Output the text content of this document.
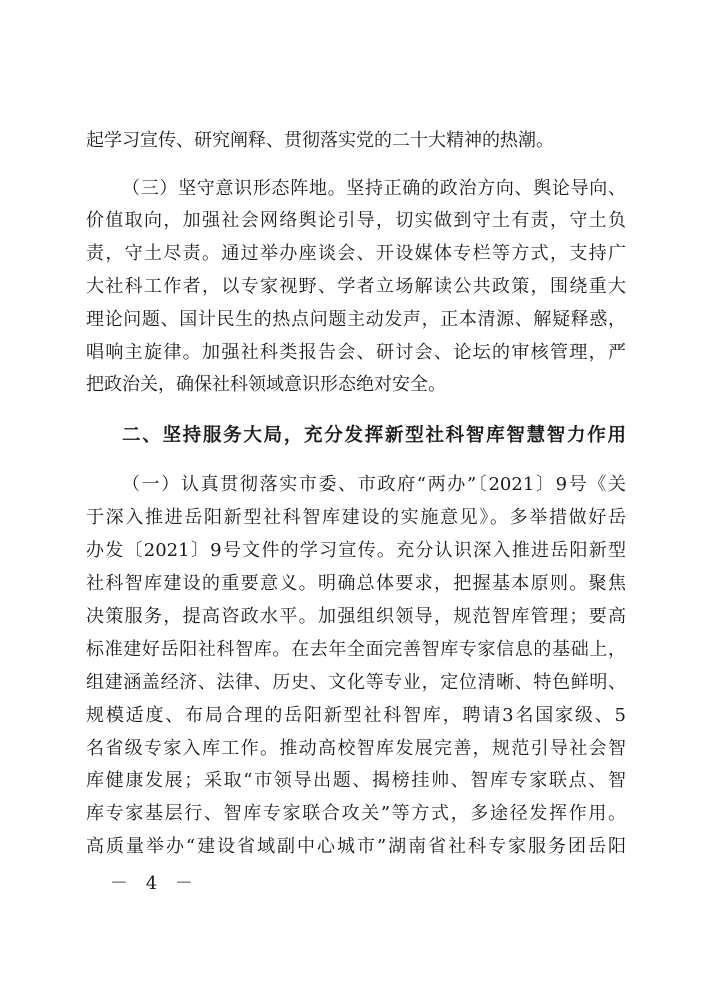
起学习宣传、研究阐释、贯彻落实党的二十大精神的热潮。
（三）坚守意识形态阵地。坚持正确的政治方向、舆论导向、
价值取向，加强社会网络舆论引导，切实做到守土有责，守土负
责，守土尽责。通过举办座谈会、开设媒体专栏等方式，支持广
大社科工作者，以专家视野、学者立场解读公共政策，围绕重大
理论问题、国计民生的热点问题主动发声，正本清源、解疑释惑，
唱响主旋律。加强社科类报告会、研讨会、论坛的审核管理，严
把政治关，确保社科领域意识形态绝对安全。
二、坚持服务大局，充分发挥新型社科智库智慧智力作用
（一）认真贯彻落实市委、市政府“两办”〔2021〕9号《关
于深入推进岳阳新型社科智库建设的实施意见》。多举措做好岳
办发〔2021〕9号文件的学习宣传。充分认识深入推进岳阳新型
社科智库建设的重要意义。明确总体要求，把握基本原则。聚焦
决策服务，提高咨政水平。加强组织领导，规范智库管理；要高
标准建好岳阳社科智库。在去年全面完善智库专家信息的基础上，
组建涵盖经济、法律、历史、文化等专业，定位清晰、特色鲜明、
规模适度、布局合理的岳阳新型社科智库，聘请3名国家级、5
名省级专家入库工作。推动高校智库发展完善，规范引导社会智
库健康发展；采取“市领导出题、揭榜挂帅、智库专家联点、智
库专家基层行、智库专家联合攻关”等方式，多途径发挥作用。
高质量举办“建设省域副中心城市”湖南省社科专家服务团岳阳
－ 4 －
